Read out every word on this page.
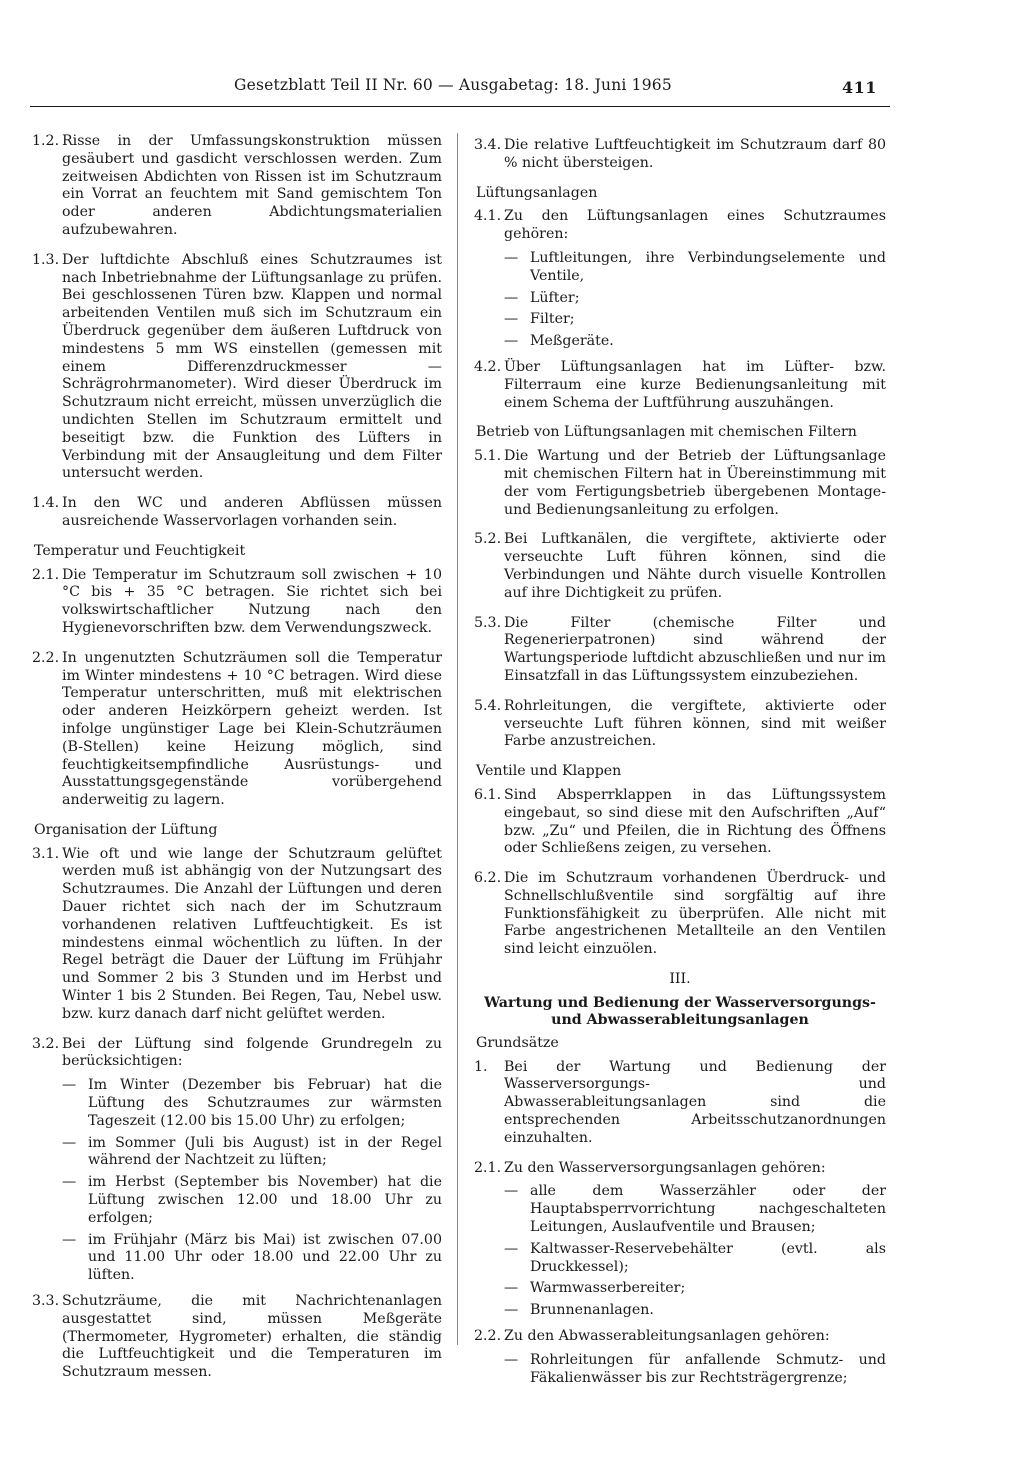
Gesetzblatt Teil II Nr. 60 — Ausgabetag: 18. Juni 1965	411
1.2. Risse in der Umfassungskonstruktion müssen gesäubert und gasdicht verschlossen werden. Zum zeitweisen Abdichten von Rissen ist im Schutzraum ein Vorrat an feuchtem mit Sand gemischtem Ton oder anderen Abdichtungsmaterialien aufzubewahren.
1.3. Der luftdichte Abschluß eines Schutzraumes ist nach Inbetriebnahme der Lüftungsanlage zu prüfen. Bei geschlossenen Türen bzw. Klappen und normal arbeitenden Ventilen muß sich im Schutzraum ein Überdruck gegenüber dem äußeren Luftdruck von mindestens 5 mm WS einstellen (gemessen mit einem Differenzdruckmesser — Schrägrohrmanometer). Wird dieser Überdruck im Schutzraum nicht erreicht, müssen unverzüglich die undichten Stellen im Schutzraum ermittelt und beseitigt bzw. die Funktion des Lüfters in Verbindung mit der Ansaugleitung und dem Filter untersucht werden.
1.4. In den WC und anderen Abflüssen müssen ausreichende Wasservorlagen vorhanden sein.
Temperatur und Feuchtigkeit
2.1. Die Temperatur im Schutzraum soll zwischen + 10 °C bis + 35 °C betragen. Sie richtet sich bei volkswirtschaftlicher Nutzung nach den Hygienevorschriften bzw. dem Verwendungszweck.
2.2. In ungenutzten Schutzräumen soll die Temperatur im Winter mindestens + 10 °C betragen. Wird diese Temperatur unterschritten, muß mit elektrischen oder anderen Heizkörpern geheizt werden. Ist infolge ungünstiger Lage bei Klein-Schutzräumen (B-Stellen) keine Heizung möglich, sind feuchtigkeitsempfindliche Ausrüstungs- und Ausstattungsgegenstände vorübergehend anderweitig zu lagern.
Organisation der Lüftung
3.1. Wie oft und wie lange der Schutzraum gelüftet werden muß ist abhängig von der Nutzungsart des Schutzraumes. Die Anzahl der Lüftungen und deren Dauer richtet sich nach der im Schutzraum vorhandenen relativen Luftfeuchtigkeit. Es ist mindestens einmal wöchentlich zu lüften. In der Regel beträgt die Dauer der Lüftung im Frühjahr und Sommer 2 bis 3 Stunden und im Herbst und Winter 1 bis 2 Stunden. Bei Regen, Tau, Nebel usw. bzw. kurz danach darf nicht gelüftet werden.
3.2. Bei der Lüftung sind folgende Grundregeln zu berücksichtigen:
— Im Winter (Dezember bis Februar) hat die Lüftung des Schutzraumes zur wärmsten Tageszeit (12.00 bis 15.00 Uhr) zu erfolgen;
— im Sommer (Juli bis August) ist in der Regel während der Nachtzeit zu lüften;
— im Herbst (September bis November) hat die Lüftung zwischen 12.00 und 18.00 Uhr zu erfolgen;
— im Frühjahr (März bis Mai) ist zwischen 07.00 und 11.00 Uhr oder 18.00 und 22.00 Uhr zu lüften.
3.3. Schutzräume, die mit Nachrichtenanlagen ausgestattet sind, müssen Meßgeräte (Thermometer, Hygrometer) erhalten, die ständig die Luftfeuchtigkeit und die Temperaturen im Schutzraum messen.
3.4. Die relative Luftfeuchtigkeit im Schutzraum darf 80 % nicht übersteigen.
Lüftungsanlagen
4.1. Zu den Lüftungsanlagen eines Schutzraumes gehören:
— Luftleitungen, ihre Verbindungselemente und Ventile,
— Lüfter;
— Filter;
— Meßgeräte.
4.2. Über Lüftungsanlagen hat im Lüfter- bzw. Filterraum eine kurze Bedienungsanleitung mit einem Schema der Luftführung auszuhängen.
Betrieb von Lüftungsanlagen mit chemischen Filtern
5.1. Die Wartung und der Betrieb der Lüftungsanlage mit chemischen Filtern hat in Übereinstimmung mit der vom Fertigungsbetrieb übergebenen Montage- und Bedienungsanleitung zu erfolgen.
5.2. Bei Luftkanälen, die vergiftete, aktivierte oder verseuchte Luft führen können, sind die Verbindungen und Nähte durch visuelle Kontrollen auf ihre Dichtigkeit zu prüfen.
5.3. Die Filter (chemische Filter und Regenerierpatronen) sind während der Wartungsperiode luftdicht abzuschließen und nur im Einsatzfall in das Lüftungssystem einzubeziehen.
5.4. Rohrleitungen, die vergiftete, aktivierte oder verseuchte Luft führen können, sind mit weißer Farbe anzustreichen.
Ventile und Klappen
6.1. Sind Absperrklappen in das Lüftungssystem eingebaut, so sind diese mit den Aufschriften „Auf“ bzw. „Zu“ und Pfeilen, die in Richtung des Öffnens oder Schließens zeigen, zu versehen.
6.2. Die im Schutzraum vorhandenen Überdruck- und Schnellschlußventile sind sorgfältig auf ihre Funktionsfähigkeit zu überprüfen. Alle nicht mit Farbe angestrichenen Metallteile an den Ventilen sind leicht einzuölen.
III.
Wartung und Bedienung der Wasserversorgungs- und Abwasserableitungsanlagen
Grundsätze
1. Bei der Wartung und Bedienung der Wasserversorgungs- und Abwasserableitungsanlagen sind die entsprechenden Arbeitsschutzanordnungen einzuhalten.
2.1. Zu den Wasserversorgungsanlagen gehören:
— alle dem Wasserzähler oder der Hauptabsperrvorrichtung nachgeschalteten Leitungen, Auslaufventile und Brausen;
— Kaltwasser-Reservebehälter (evtl. als Druckkessel);
— Warmwasserbereiter;
— Brunnenanlagen.
2.2. Zu den Abwasserableitungsanlagen gehören:
— Rohrleitungen für anfallende Schmutz- und Fäkalienwässer bis zur Rechtsträgergrenze;
